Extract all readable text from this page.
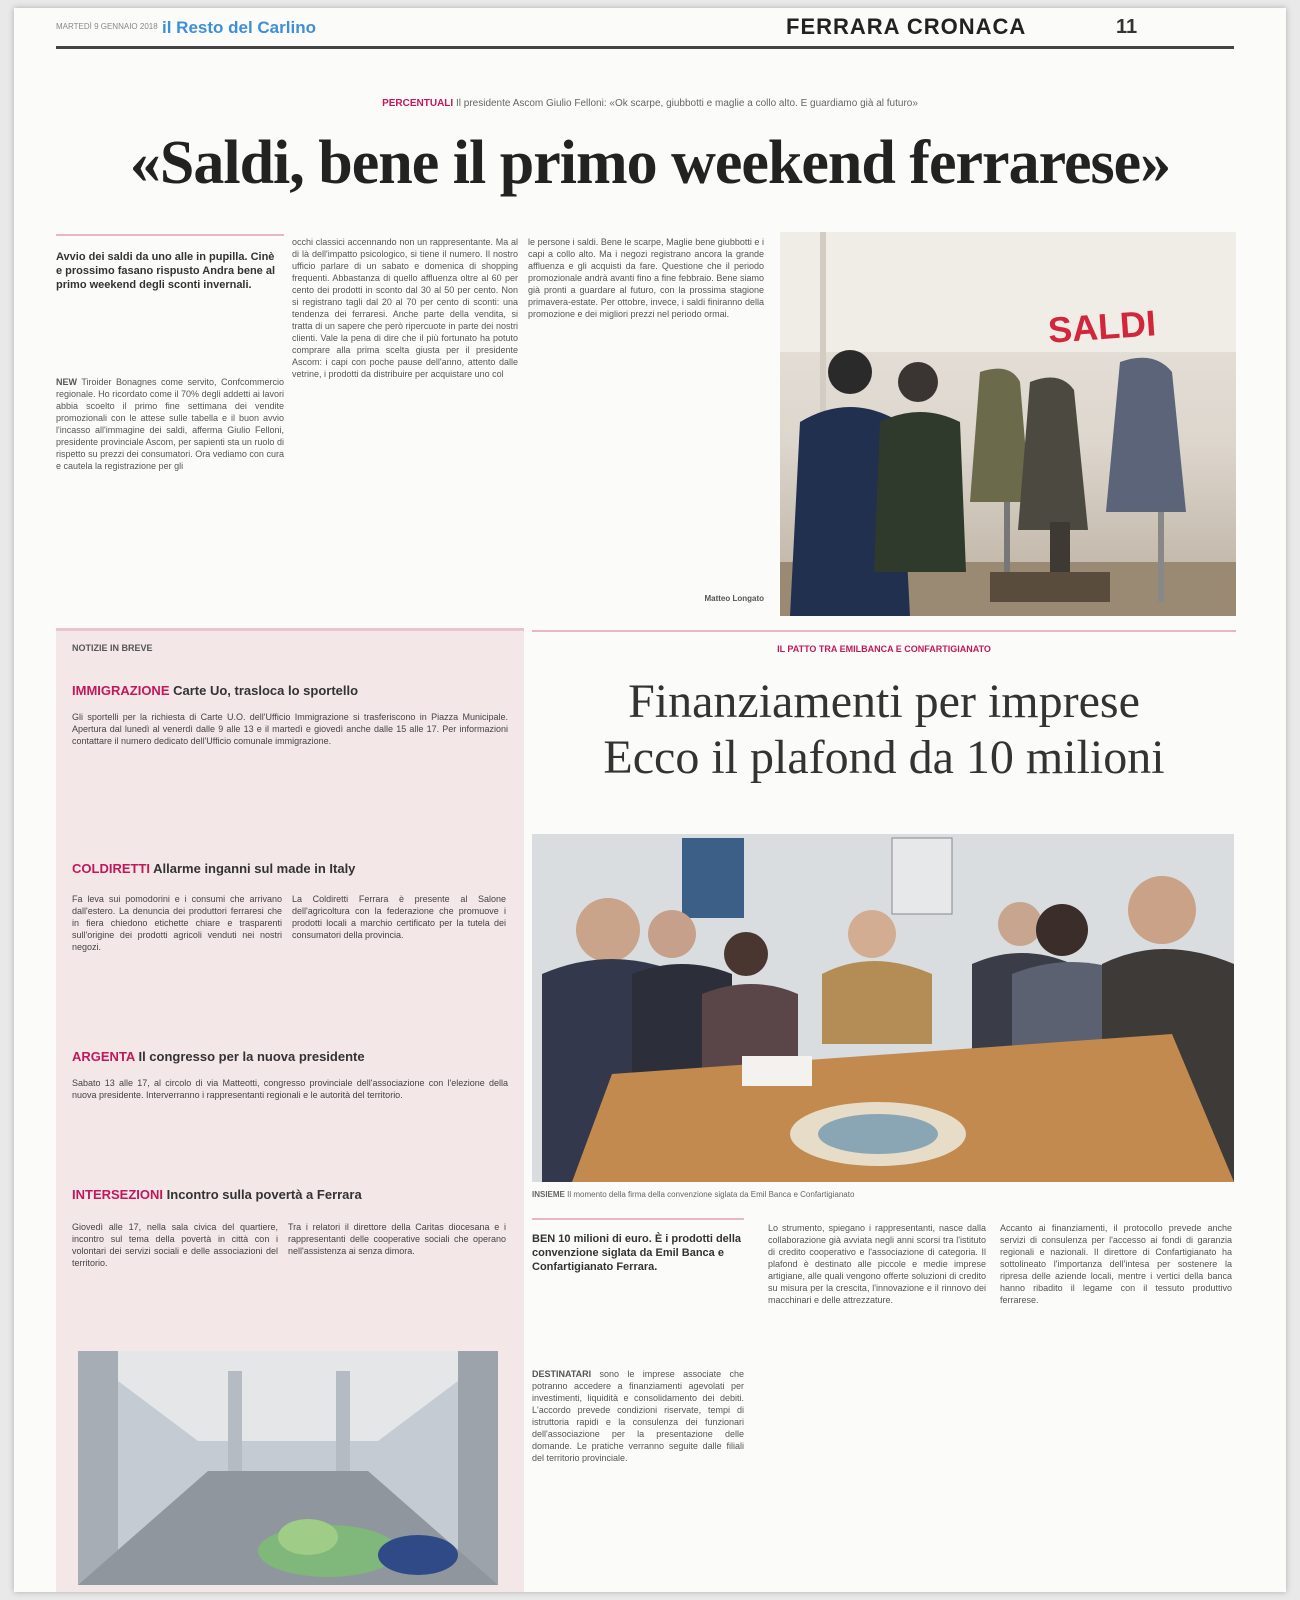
MARTEDÌ 9 GENNAIO 2018 il Resto del Carlino	FERRARA CRONACA	11
PERCENTUALI Il presidente Ascom Giulio Felloni: «Ok scarpe, giubbotti e maglie a collo alto. E guardiamo già al futuro»
«Saldi, bene il primo weekend ferrarese»
Avvio dei saldi da uno alle in pupilla. Cinè e prossimo fasano rispusto Andra bene al primo weekend degli sconti invernali.
NEW Tiroider Bonagnes come servito, Confcommercio regionale. Ho ricordato come il 70% degli addetti ai lavori abbia scoelto il primo fine settimana dei vendite promozionali con le attese sulle tabella e il buon avvio l'incasso all'immagine dei saldi, afferma Giulio Felloni, presidente provinciale Ascom, per sapienti sta un ruolo di rispetto su prezzi dei consumatori. Ora vediamo con cura e cautela la registrazione per gli
occhi classici accennando non un rappresentante. Ma al di là dell'impatto psicologico, si tiene il numero. Il nostro ufficio parlare di un sabato e domenica di shopping frequenti. Abbastanza di quello affluenza oltre al 60 per cento dei prodotti in sconto dal 30 al 50 per cento. Non si registrano tagli dal 20 al 70 per cento di sconti: una tendenza dei ferraresi. Anche parte della vendita, si tratta di un sapere che però ripercuote in parte dei nostri clienti. Vale la pena di dire che il più fortunato ha potuto comprare alla prima scelta giusta per il presidente Ascom: i capi con poche pause dell'anno, attento dalle vetrine, i prodotti da distribuire per acquistare uno col
le persone i saldi. Bene le scarpe, Maglie bene giubbotti e i capi a collo alto. Ma i negozi registrano ancora la grande affluenza e gli acquisti da fare. Questione che il periodo promozionale andrà avanti fino a fine febbraio. Bene siamo già pronti a guardare al futuro, con la prossima stagione primavera-estate. Per ottobre, invece, i saldi finiranno della promozione e dei migliori prezzi nel periodo ormai.
Matteo Longato
SALDI
NOTIZIE IN BREVE
IMMIGRAZIONE Carte Uo, trasloca lo sportello
Gli sportelli per la richiesta di Carte U.O. dell'Ufficio Immigrazione si trasferiscono in Piazza Municipale. Apertura dal lunedì al venerdì dalle 9 alle 13 e il martedì e giovedì anche dalle 15 alle 17. Per informazioni contattare il numero dedicato dell'Ufficio comunale immigrazione.
COLDIRETTI Allarme inganni sul made in Italy
Fa leva sui pomodorini e i consumi che arrivano dall'estero. La denuncia dei produttori ferraresi che in fiera chiedono etichette chiare e trasparenti sull'origine dei prodotti agricoli venduti nei nostri negozi.
La Coldiretti Ferrara è presente al Salone dell'agricoltura con la federazione che promuove i prodotti locali a marchio certificato per la tutela dei consumatori della provincia.
ARGENTA Il congresso per la nuova presidente
Sabato 13 alle 17, al circolo di via Matteotti, congresso provinciale dell'associazione con l'elezione della nuova presidente. Interverranno i rappresentanti regionali e le autorità del territorio.
INTERSEZIONI Incontro sulla povertà a Ferrara
Giovedì alle 17, nella sala civica del quartiere, incontro sul tema della povertà in città con i volontari dei servizi sociali e delle associazioni del territorio.
Tra i relatori il direttore della Caritas diocesana e i rappresentanti delle cooperative sociali che operano nell'assistenza ai senza dimora.
IL PATTO TRA EMILBANCA E CONFARTIGIANATO
Finanziamenti per imprese
Ecco il plafond da 10 milioni
INSIEME Il momento della firma della convenzione siglata da Emil Banca e Confartigianato
BEN 10 milioni di euro. È i prodotti della convenzione siglata da Emil Banca e Confartigianato Ferrara.
DESTINATARI sono le imprese associate che potranno accedere a finanziamenti agevolati per investimenti, liquidità e consolidamento dei debiti. L'accordo prevede condizioni riservate, tempi di istruttoria rapidi e la consulenza dei funzionari dell'associazione per la presentazione delle domande. Le pratiche verranno seguite dalle filiali del territorio provinciale.
Lo strumento, spiegano i rappresentanti, nasce dalla collaborazione già avviata negli anni scorsi tra l'istituto di credito cooperativo e l'associazione di categoria. Il plafond è destinato alle piccole e medie imprese artigiane, alle quali vengono offerte soluzioni di credito su misura per la crescita, l'innovazione e il rinnovo dei macchinari e delle attrezzature.
Accanto ai finanziamenti, il protocollo prevede anche servizi di consulenza per l'accesso ai fondi di garanzia regionali e nazionali. Il direttore di Confartigianato ha sottolineato l'importanza dell'intesa per sostenere la ripresa delle aziende locali, mentre i vertici della banca hanno ribadito il legame con il tessuto produttivo ferrarese.
